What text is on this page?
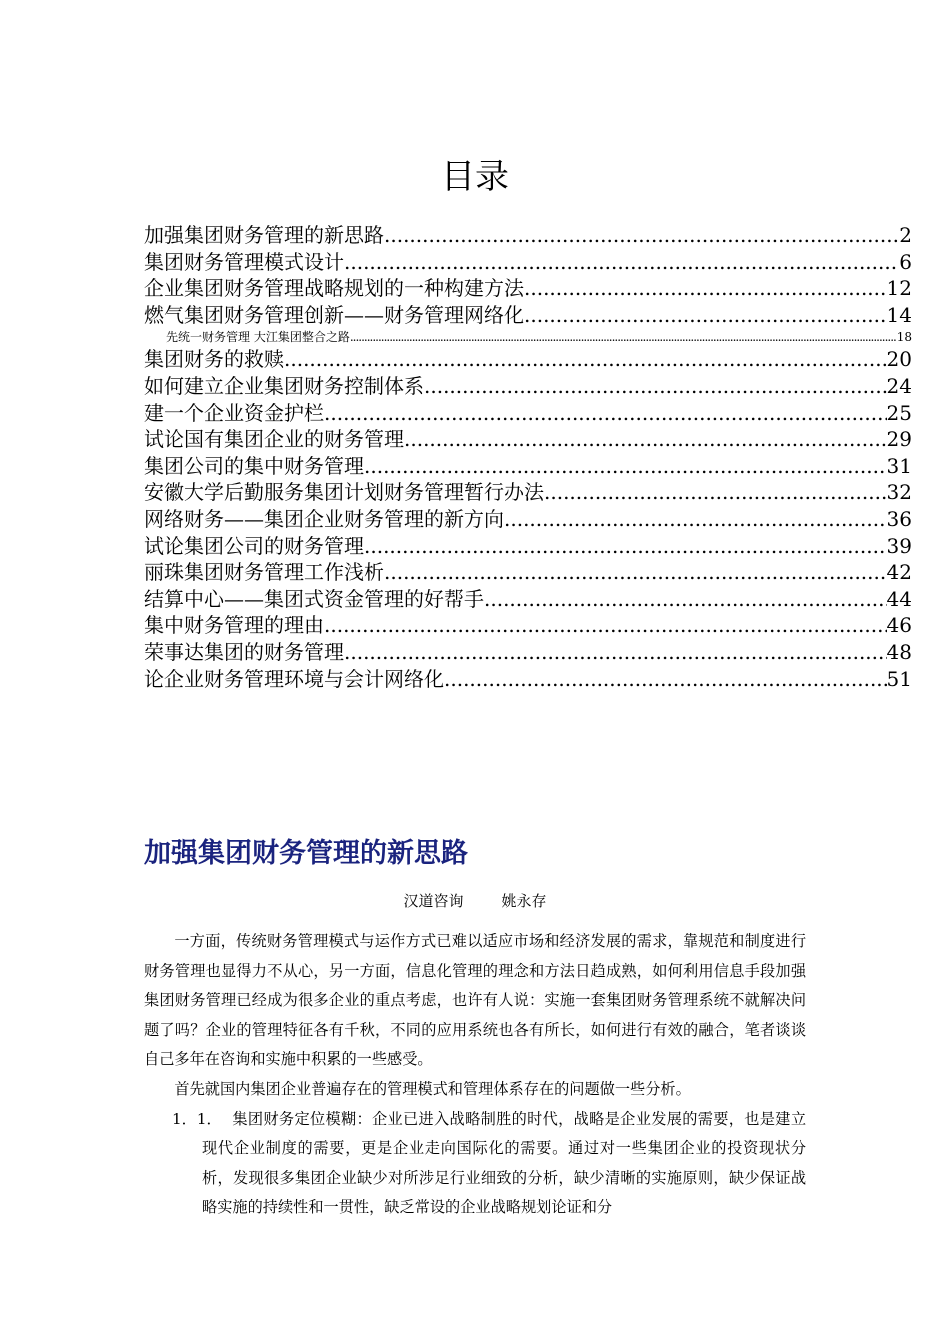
目录
加强集团财务管理的新思路 .....	2
集团财务管理模式设计 .....	6
企业集团财务管理战略规划的一种构建方法 .....	12
燃气集团财务管理创新——财务管理网络化 .....	14
先统一财务管理 大江集团整合之路 .....	18
集团财务的救赎 .....	20
如何建立企业集团财务控制体系 .....	24
建一个企业资金护栏 .....	25
试论国有集团企业的财务管理 .....	29
集团公司的集中财务管理 .....	31
安徽大学后勤服务集团计划财务管理暂行办法 .....	32
网络财务——集团企业财务管理的新方向 .....	36
试论集团公司的财务管理 .....	39
丽珠集团财务管理工作浅析 .....	42
结算中心——集团式资金管理的好帮手 .....	44
集中财务管理的理由 .....	46
荣事达集团的财务管理 .....	48
论企业财务管理环境与会计网络化 .....	51
加强集团财务管理的新思路
汉道咨询	姚永存

一方面，传统财务管理模式与运作方式已难以适应市场和经济发展的需求，靠规范和制度进行财务管理也显得力不从心，另一方面，信息化管理的理念和方法日趋成熟，如何利用信息手段加强集团财务管理已经成为很多企业的重点考虑，也许有人说：实施一套集团财务管理系统不就解决问题了吗？企业的管理特征各有千秋，不同的应用系统也各有所长，如何进行有效的融合，笔者谈谈自己多年在咨询和实施中积累的一些感受。

首先就国内集团企业普遍存在的管理模式和管理体系存在的问题做一些分析。

1．1． 集团财务定位模糊：企业已进入战略制胜的时代，战略是企业发展的需要，也是建立现代企业制度的需要，更是企业走向国际化的需要。通过对一些集团企业的投资现状分析，发现很多集团企业缺少对所涉足行业细致的分析，缺少清晰的实施原则，缺少保证战略实施的持续性和一贯性，缺乏常设的企业战略规划论证和分
